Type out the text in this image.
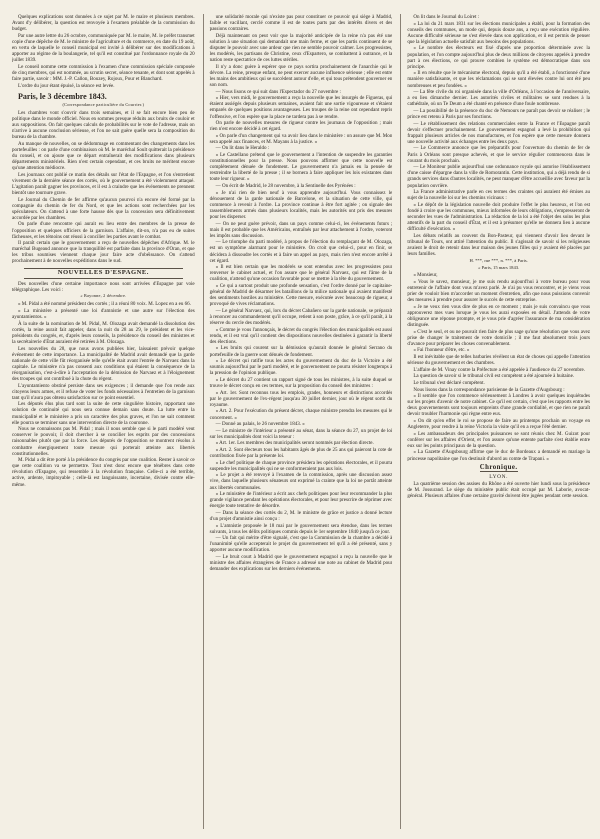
Quelques explications sont données à ce sujet par M. le maire et plusieurs membres. Avant d'y délibérer, la question est renvoyée à l'examen préalable de la commission du budget.

Par une autre lettre du 26 octobre, communiquée par M. le maire, M. le préfet transmet copie d'une dépêche de M. le ministre de l'agriculture et du commerce, en date du 19 août, en vertu de laquelle le conseil municipal est invité à délibérer sur des modifications à apporter au régime de la boulangerie, tel qu'il est constitué par l'ordonnance royale du 20 juillet 1839.

Le conseil nomme cette commission à l'examen d'une commission spéciale composée de cinq membres, qui est nommée, au scrutin secret, séance tenante, et dont sont appelés à faire partie, savoir : MM. J.-P. Callon, Bouzey, Rojoux, Pour et Blanchard.

L'ordre du jour étant épuisé, la séance est levée.

Paris, le 3 décembre 1843.
(Correspondance particulière du Courrier.)

Les chambres vont s'ouvrir dans trois semaines, et il se fait encore bien peu de politique dans le monde officiel. Nous en sommes presque réduits aux bruits de couloir et aux suppositions. On fait quelques calculs de probabilités sur le vote de l'adresse, mais on n'arrive à aucune conclusion sérieuse, et l'on ne sait guère quelle sera la composition du bureau de la chambre.

Au manque de nouvelles, on se dédommage en commentant des changements dans les portefeuilles : on parle d'une combinaison où M. le maréchal Soult quitterait la présidence du conseil, et on ajoute que ce départ entraînerait des modifications dans plusieurs départements ministériels. Rien n'est certain cependant, et ces bruits ne méritent encore qu'une attention médiocre.

Les journaux ont publié ce matin des détails sur l'état de l'Espagne, et l'on s'entretient vivement de la dernière séance des cortès, où le gouvernement a été violemment attaqué. L'agitation paraît gagner les provinces, et il est à craindre que les événements ne prennent bientôt une tournure grave.

Le Journal du Chemin de fer affirme qu'aucun pourvoi n'a encore été formé par la compagnie du chemin de fer du Nord, et que les actions sont recherchées par les spéculateurs. On s'attend à une forte hausse dès que la concession sera définitivement accordée par les chambres.

On parle d'une rencontre qui aurait eu lieu entre des membres de la presse de l'opposition et quelques officiers de la garnison. L'affaire, dit-on, n'a pas eu de suites fâcheuses, et les témoins ont réussi à concilier les parties avant le combat.

Il paraît certain que le gouvernement a reçu de nouvelles dépêches d'Afrique. M. le maréchal Bugeaud annonce que la tranquillité est parfaite dans la province d'Oran, et que les tribus soumises viennent chaque jour faire acte d'obéissance. On s'attend prochainement à de nouvelles expéditions dans le sud.

NOUVELLES D'ESPAGNE.

Des nouvelles d'une certaine importance nous sont arrivées d'Espagne par voie télégraphique. Les voici :

« Bayonne, 2 décembre.

« M. Pidal a été nommé président des cortès ; il a réuni 80 voix. M. Lopez en a eu 66.

« La ministère a présenté une loi d'amnistie et une autre sur l'élection des ayuntamientos. »

À la suite de la nomination de M. Pidal, M. Olozaga avait demandé la dissolution des cortès, la reine aurait fait appeler, dans la nuit du 28 au 29, le président et les vice-présidents du congrès, et, d'après leurs conseils, la présidence du conseil des ministres et la secrétairerie d'État auraient été retirées à M. Olozaga.

Les nouvelles du 28, que nous avons publiées hier, laissaient prévoir quelque événement de cette importance. La municipalité de Madrid avait demandé que la garde nationale de cette ville fût réorganisée telle qu'elle était avant l'entrée de Narvaez dans la capitale. Le ministère n'a pas consenti aux conditions qui étaient la conséquence de la réorganisation, c'est-à-dire à l'acceptation de la démission de Narvaez et à l'éloignement des troupes qui ont contribué à la chute du régent.

L'ayuntamiento obstiné persiste dans ses exigences ; il demande que l'on rende aux citoyens leurs armes, et il refuse de voter les fonds nécessaires à l'entretien de la garnison tant qu'il n'aura pas obtenu satisfaction sur ce point essentiel.

Les députés élus plus tard sont la suite de cette singulière histoire, rapportant une solution de continuité qui nous sera connue demain sans doute. La lutte entre la municipalité et le ministère a pris un caractère des plus graves, et l'on ne sait comment elle pourra se terminer sans une intervention directe de la couronne.

Nous ne connaissons pas M. Pidal ; mais il nous semble que si le parti modéré veut conserver le pouvoir, il doit chercher à se concilier les esprits par des concessions raisonnables plutôt que par la force. Les députés de l'opposition se montrent résolus à combattre énergiquement toute mesure qui porterait atteinte aux libertés constitutionnelles.

M. Pidal a dit être porté à la présidence du congrès par une coalition. Rester à savoir ce que cette coalition va se permettre. Tout n'est donc encore que ténèbres dans cette révolution d'Espagne, qui ressemble à la révolution française. Celle-ci a été terrible, active, ardente, impitoyable ; celle-là est languissante, incertaine, divisée contre elle-même.

une solidarité morale qui n'existe pas pour constituer ce pouvoir qui siège à Madrid, faible et vacillant, cerclé comme il est de toutes parts par des intérêts divers et des passions contraires.

Déjà maintenant on peut voir que la majorité anticipée de la reine n'a pas été une solution à une situation qui demandait une main ferme, et que les partis continuent de se disputer le pouvoir avec une ardeur que rien ne semble pouvoir calmer. Les progressistes, les modérés, les partisans de Christine, ceux d'Espartero, se combattent à outrance, et la nation reste spectatrice de ces luttes stériles.

Il n'y a donc guère à espérer que ce pays sortira prochainement de l'anarchie qui le dévore. La reine, presque enfant, ne peut exercer aucune influence sérieuse ; elle est entre les mains des ambitieux qui se succèdent autour d'elle, et qui tous prétendent gouverner en son nom.

— Nous lisons ce qui suit dans l'Espectador du 27 novembre :

« Hier, vers midi, le gouvernement a reçu la nouvelle que les insurgés de Figueras, qui étaient assiégés depuis plusieurs semaines, avaient fait une sortie vigoureuse et s'étaient emparés de quelques positions avantageuses. Les troupes de la reine ont cependant repris l'offensive, et l'on espère que la place ne tardera pas à se rendre.

On parle de nouvelles mesures de rigueur contre les journaux de l'opposition ; mais rien n'est encore décidé à cet égard.

« On parle d'un changement qui va avoir lieu dans le ministère : on assure que M. Mon sera appelé aux finances, et M. Mayans à la justice. »

— On lit dans le Heraldo :

« Le Castellano prétend que le gouvernement a l'intention de suspendre les garanties constitutionnelles pour la presse. Nous pouvons affirmer que cette nouvelle est complètement dénuée de fondement. Le gouvernement n'a jamais eu la pensée de restreindre la liberté de la presse ; il se bornera à faire appliquer les lois existantes dans toute leur rigueur. »

— On écrit de Madrid, le 28 novembre, à la Sentinelle des Pyrénées :

« Je n'ai rien de bien neuf à vous apprendre aujourd'hui. Vous connaissez le dénouement de la garde nationale de Barcelone, et la situation de cette ville, qui commence à revenir à l'ordre. La province continue à être fort agitée ; on signale des rassemblements armés dans plusieurs localités, mais les autorités ont pris des mesures pour les disperser.

— On ne peut guère prévoir, dans un pays comme celui-ci, les événements futurs ; mais il est probable que les Américains, entraînés par leur attachement à l'ordre, voteront les impôts sans discussion.

— Le triomphe du parti modéré, à propos de l'élection du remplaçant de M. Olozaga, est un symptôme alarmant pour le ministère. On croit que celui-ci, pour en finir, se décidera à dissoudre les cortès et à faire un appel au pays, mais rien n'est encore arrêté à cet égard.

« Il est bien certain que les modérés se sont entendus avec les progressistes pour renverser le cabinet actuel, et l'on assure que le général Narvaez, qui est l'âme de la coalition, n'attend qu'une occasion favorable pour se mettre à la tête du gouvernement.

« Ce qui a surtout produit une profonde sensation, c'est l'ordre donné par le capitaine-général de Madrid de désarmer les bataillons de la milice nationale qui avaient manifesté des sentiments hostiles au ministère. Cette mesure, exécutée avec beaucoup de rigueur, a provoqué de vives réclamations.

— Le général Narvaez, qui, lors du décret Cabañero sur la garde nationale, se préparait à renoncer au commandement qu'il occupe, retient à son poste, grâce, à ce qu'il paraît, à la réserve du cercle des modérés.

« Comme je vous l'annonçais, le décret du congrès l'élection des municipalités est aussi rendu, et il est vrai qu'il contient des dispositions nouvelles destinées à garantir la liberté des élections.

« Les bruits qui courent sur la démission qu'aurait donnée le général Serrano du portefeuille de la guerre sont dénués de fondement.

« Le décret qui ratifie tous les actes du gouvernement du duc de la Victoire a été soumis aujourd'hui par le parti modéré, et le gouvernement ne pourra résister longtemps à la pression de l'opinion publique.

« Le décret du 27 contient un rapport signé de tous les ministres, à la suite duquel se trouve le décret conçu en ces termes, sur la proposition du conseil des ministres :

« Art. 1er. Sont reconnus tous les emplois, grades, honneurs et distinctions accordés par le gouvernement de l'ex-régent jusqu'au 30 juillet dernier, jour où le régent sortit du royaume.

« Art. 2. Pour l'exécution du présent décret, chaque ministre prendra les mesures qui le concernent. »

— Donné au palais, le 26 novembre 1843. »

— Le ministre de l'intérieur a présenté au sénat, dans la séance du 27, un projet de loi sur les municipalités dont voici la teneur :

« Art. 1er. Les membres des municipalités seront nommés par élection directe.

« Art. 2. Sont électeurs tous les habitants âgés de plus de 25 ans qui paieront la cote de contribution fixée par la présente loi.

« Le chef politique de chaque province présidera les opérations électorales, et il pourra suspendre les municipalités qui ne se conformeraient pas aux lois.

« Le projet a été renvoyé à l'examen de la commission, après une discussion assez vive, dans laquelle plusieurs sénateurs ont exprimé la crainte que la loi ne portât atteinte aux libertés communales.

« Le ministère de l'intérieur a écrit aux chefs politiques pour leur recommander la plus grande vigilance pendant les opérations électorales, et pour leur prescrire de réprimer avec énergie toute tentative de désordre.

— Dans la séance des cortès du 2, M. le ministre de grâce et justice a donné lecture d'un projet d'amnistie ainsi conçu :

« L'amnistie proposée le 18 mai par le gouvernement sera étendue, dans les termes suivants, à tous les délits politiques commis depuis le 1er septembre 1840 jusqu'à ce jour.

— Un fait qui mérite d'être signalé, c'est que la Commission de la chambre a décidé à l'unanimité qu'elle accepterait le projet du gouvernement tel qu'il a été présenté, sans y apporter aucune modification.

— Le bruit court à Madrid que le gouvernement espagnol a reçu la nouvelle que le ministre des affaires étrangères de France a adressé une note au cabinet de Madrid pour demander des explications sur les derniers événements.

On lit dans le Journal du Loiret :

« La loi du 21 mars 1831 sur les élections municipales a établi, pour la formation des conseils des communes, un mode qui, depuis douze ans, a reçu une exécution régulière. Aucune difficulté sérieuse ne s'est élevée dans son application, et il est permis de penser que la législation actuelle satisfait aux besoins des populations.

« Le nombre des électeurs est fixé d'après une proportion déterminée avec la population, et l'on compte aujourd'hui plus de deux millions de citoyens appelés à prendre part à ces élections, ce qui prouve combien le système est démocratique dans son principe.

« Il en résulte que le mécanisme électoral, depuis qu'il a été établi, a fonctionné d'une manière satisfaisante, et que les réclamations qui se sont élevées contre lui ont été peu nombreuses et peu fondées. »

— La fête civile du roi organisée dans la ville d'Orléans, à l'occasion de l'anniversaire, a eu lieu dimanche dernier. Les autorités civiles et militaires se sont rendues à la cathédrale, où un Te Deum a été chanté en présence d'une foule nombreuse.

— La possibilité de la présence du duc de Nemours ne paraît pas devoir se réaliser ; le prince est retenu à Paris par ses fonctions.

— Le rétablissement des relations commerciales entre la France et l'Espagne paraît devoir s'effectuer prochainement. Le gouvernement espagnol a levé la prohibition qui frappait plusieurs articles de nos manufactures, et l'on espère que cette mesure donnera une nouvelle activité aux échanges entre les deux pays.

— Le Commerce annonce que les préparatifs pour l'ouverture du chemin de fer de Paris à Orléans sont presque achevés, et que le service régulier commencera dans le courant du mois prochain.

— Le Moniteur publie aujourd'hui une ordonnance royale qui autorise l'établissement d'une caisse d'épargne dans la ville de Romorantin. Cette institution, qui a déjà rendu de si grands services dans d'autres localités, ne peut manquer d'être accueillie avec faveur par la population ouvrière.

La France administrative parle en ces termes des craintes qui auraient été émises au sujet de la nouvelle loi sur les chemins vicinaux :

« Le dépôt de la législation nouvelle doit produire l'effet le plus heureux, et l'on est fondé à croire que les communes, mieux informées de leurs obligations, s'empresseront de seconder les vues de l'administration. La rédaction de la loi a été l'objet des soins les plus attentifs de la part du conseil d'État, et il est à présumer qu'elle ne donnera lieu à aucune difficulté d'exécution. »

Les débats relatifs au couvent du Bon-Pasteur, qui viennent d'avoir lieu devant le tribunal de Tours, ont attiré l'attention du public. Il s'agissait de savoir si les religieuses avaient le droit de retenir dans leur maison des jeunes filles qui y avaient été placées par leurs familles.

H. ***, rue ***, n. ***, à Paris.
« Paris, 15 mars 1843.

« Monsieur,

« Vous le savez, monsieur, je me suis rendu aujourd'hui à votre bureau pour vous entretenir de l'affaire dont vous m'avez parlé. Je n'ai pu vous rencontrer, et je viens vous prier de vouloir bien m'accorder un moment d'entretien, afin que nous puissions convenir des mesures à prendre pour assurer le succès de cette entreprise.

« Je ne veux rien vous dire de plus en ce moment ; mais je suis convaincu que vous approuverez mes vues lorsque je vous les aurai exposées en détail. J'attends de votre obligeance une réponse prompte, et je vous prie d'agréer l'assurance de ma considération distinguée.

« C'est le seul, et ou ne pouvait rien faire de plus sage qu'une résolution que vous avez prise de changer le traitement de votre domicile ; il me faut absolument trois jours d'avance pour préparer les choses convenablement.

« Fai l'honneur d'être, etc. »

Il est inévitable que de telles barbaries révèlent un état de choses qui appelle l'attention sérieuse du gouvernement et des chambres.

L'affaire de M. Vinay contre la Préfecture a été appelée à l'audience du 27 novembre.

La question de savoir si le tribunal civil est compétent a été ajournée à huitaine.

Le tribunal s'est déclaré compétent.

Nous lisons dans la correspondance parisienne de la Gazette d'Augsbourg :

« Il semble que l'on commence sérieusement à Londres à avoir quelques inquiétudes sur les projets d'avenir de notre cabinet. Ce qu'il est certain, c'est que les rapports entre les deux gouvernements sont toujours empreints d'une grande cordialité, et que rien ne paraît devoir troubler l'harmonie qui règne entre eux.

« On dit qu'en effet le roi se propose de faire au printemps prochain un voyage en Angleterre, pour rendre à la reine Victoria la visite qu'il en a reçue l'été dernier.

« Les ambassadeurs des principales puissances se sont réunis chez M. Guizot pour conférer sur les affaires d'Orient, et l'on assure qu'une entente parfaite s'est établie entre eux sur les points principaux de la question.

« La Gazette d'Augsbourg affirme que le duc de Bordeaux a demandé en mariage la princesse napolitaine que l'on destinait d'abord au comte de Trapani. »

Chronique.
LYON.

La quatrième session des assises du Rhône a été ouverte hier lundi sous la présidence de M. Jossurand. Le siège du ministère public était occupé par M. Laborie, avocat-général. Plusieurs affaires d'une certaine gravité doivent être jugées pendant cette session.
